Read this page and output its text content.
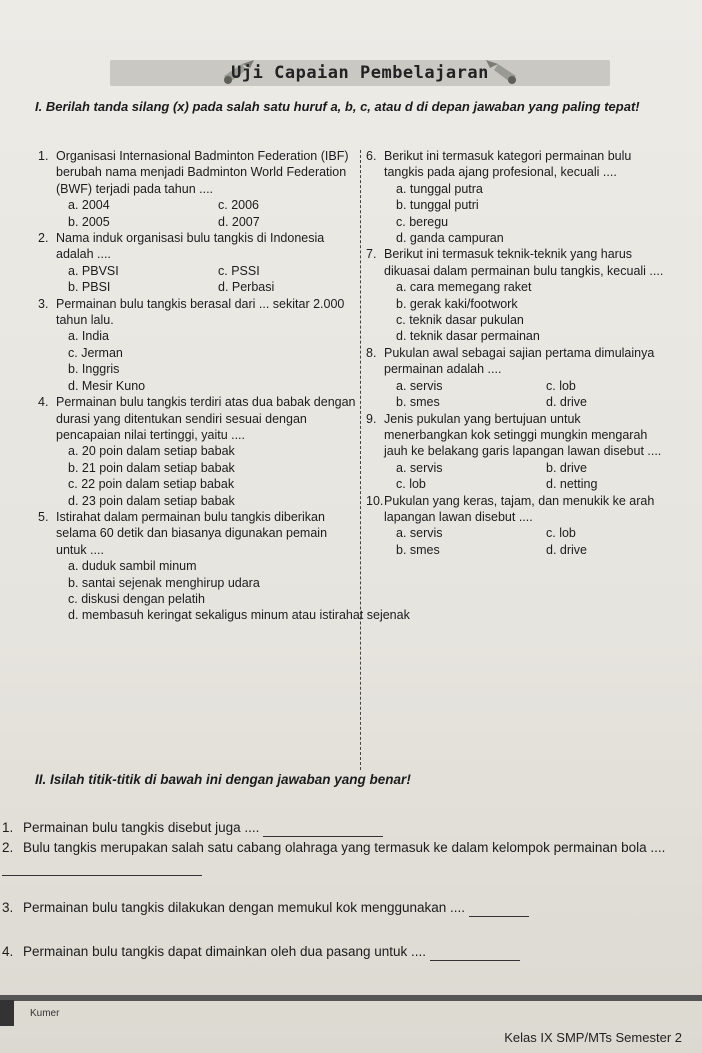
Uji Capaian Pembelajaran
I. Berilah tanda silang (x) pada salah satu huruf a, b, c, atau d di depan jawaban yang paling tepat!
1. Organisasi Internasional Badminton Federation (IBF) berubah nama menjadi Badminton World Federation (BWF) terjadi pada tahun ....
a. 2004	c. 2006
b. 2005	d. 2007
2. Nama induk organisasi bulu tangkis di Indonesia adalah ....
a. PBVSI	c. PSSI
b. PBSI	d. Perbasi
3. Permainan bulu tangkis berasal dari ... sekitar 2.000 tahun lalu.
a. India
c. Jerman
b. Inggris
d. Mesir Kuno
4. Permainan bulu tangkis terdiri atas dua babak dengan durasi yang ditentukan sendiri sesuai dengan pencapaian nilai tertinggi, yaitu ....
a. 20 poin dalam setiap babak
b. 21 poin dalam setiap babak
c. 22 poin dalam setiap babak
d. 23 poin dalam setiap babak
5. Istirahat dalam permainan bulu tangkis diberikan selama 60 detik dan biasanya digunakan pemain untuk ....
a. duduk sambil minum
b. santai sejenak menghirup udara
c. diskusi dengan pelatih
d. membasuh keringat sekaligus minum atau istirahat sejenak
6. Berikut ini termasuk kategori permainan bulu tangkis pada ajang profesional, kecuali ....
a. tunggal putra
b. tunggal putri
c. beregu
d. ganda campuran
7. Berikut ini termasuk teknik-teknik yang harus dikuasai dalam permainan bulu tangkis, kecuali ....
a. cara memegang raket
b. gerak kaki/footwork
c. teknik dasar pukulan
d. teknik dasar permainan
8. Pukulan awal sebagai sajian pertama dimulainya permainan adalah ....
a. servis	c. lob
b. smes	d. drive
9. Jenis pukulan yang bertujuan untuk menerbangkan kok setinggi mungkin mengarah jauh ke belakang garis lapangan lawan disebut ....
a. servis	b. drive
c. lob	d. netting
10. Pukulan yang keras, tajam, dan menukik ke arah lapangan lawan disebut ....
a. servis	c. lob
b. smes	d. drive
II. Isilah titik-titik di bawah ini dengan jawaban yang benar!
1. Permainan bulu tangkis disebut juga ....
2. Bulu tangkis merupakan salah satu cabang olahraga yang termasuk ke dalam kelompok permainan bola ....
3. Permainan bulu tangkis dilakukan dengan memukul kok menggunakan ....
4. Permainan bulu tangkis dapat dimainkan oleh dua pasang untuk ....
Kumer
Kelas IX SMP/MTs Semester 2
